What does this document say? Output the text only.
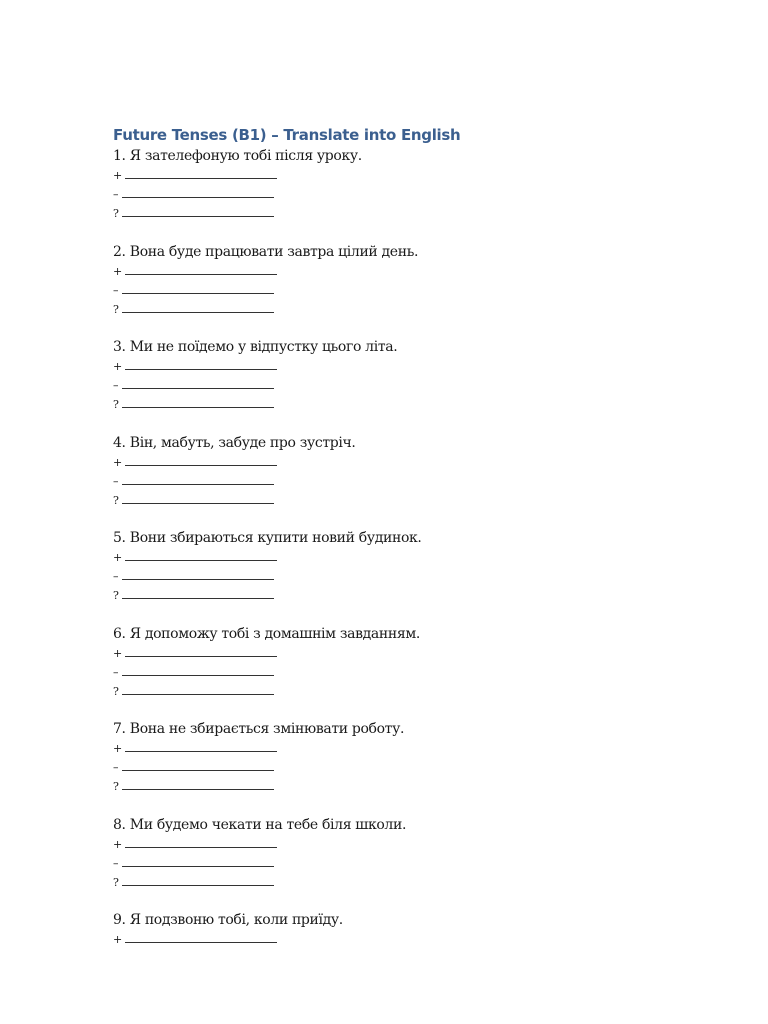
Future Tenses (B1) – Translate into English
1. Я зателефоную тобі після уроку.
+
–
?
2. Вона буде працювати завтра цілий день.
+
–
?
3. Ми не поїдемо у відпустку цього літа.
+
–
?
4. Він, мабуть, забуде про зустріч.
+
–
?
5. Вони збираються купити новий будинок.
+
–
?
6. Я допоможу тобі з домашнім завданням.
+
–
?
7. Вона не збирається змінювати роботу.
+
–
?
8. Ми будемо чекати на тебе біля школи.
+
–
?
9. Я подзвоню тобі, коли приїду.
+
